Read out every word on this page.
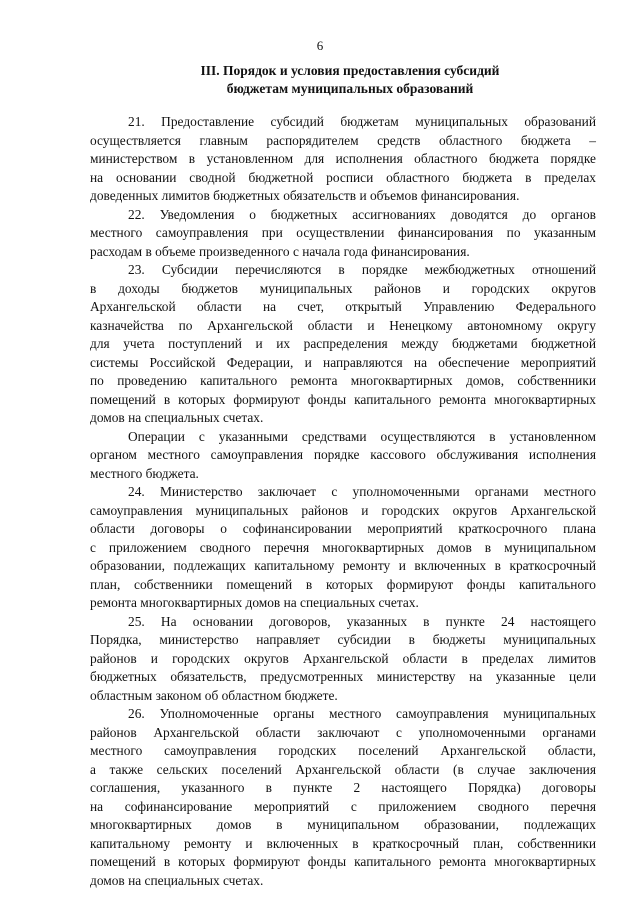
6
III. Порядок и условия предоставления субсидий
бюджетам муниципальных образований
21. Предоставление субсидий бюджетам муниципальных образований
осуществляется главным распорядителем средств областного бюджета –
министерством в установленном для исполнения областного бюджета порядке
на основании сводной бюджетной росписи областного бюджета в пределах
доведенных лимитов бюджетных обязательств и объемов финансирования.
22. Уведомления о бюджетных ассигнованиях доводятся до органов
местного самоуправления при осуществлении финансирования по указанным
расходам в объеме произведенного с начала года финансирования.
23. Субсидии перечисляются в порядке межбюджетных отношений
в доходы бюджетов муниципальных районов и городских округов
Архангельской области на счет, открытый Управлению Федерального
казначейства по Архангельской области и Ненецкому автономному округу
для учета поступлений и их распределения между бюджетами бюджетной
системы Российской Федерации, и направляются на обеспечение мероприятий
по проведению капитального ремонта многоквартирных домов, собственники
помещений в которых формируют фонды капитального ремонта многоквартирных
домов на специальных счетах.
Операции с указанными средствами осуществляются в установленном
органом местного самоуправления порядке кассового обслуживания исполнения
местного бюджета.
24. Министерство заключает с уполномоченными органами местного
самоуправления муниципальных районов и городских округов Архангельской
области договоры о софинансировании мероприятий краткосрочного плана
с приложением сводного перечня многоквартирных домов в муниципальном
образовании, подлежащих капитальному ремонту и включенных в краткосрочный
план, собственники помещений в которых формируют фонды капитального
ремонта многоквартирных домов на специальных счетах.
25. На основании договоров, указанных в пункте 24 настоящего
Порядка, министерство направляет субсидии в бюджеты муниципальных
районов и городских округов Архангельской области в пределах лимитов
бюджетных обязательств, предусмотренных министерству на указанные цели
областным законом об областном бюджете.
26. Уполномоченные органы местного самоуправления муниципальных
районов Архангельской области заключают с уполномоченными органами
местного самоуправления городских поселений Архангельской области,
а также сельских поселений Архангельской области (в случае заключения
соглашения, указанного в пункте 2 настоящего Порядка) договоры
на софинансирование мероприятий с приложением сводного перечня
многоквартирных домов в муниципальном образовании, подлежащих
капитальному ремонту и включенных в краткосрочный план, собственники
помещений в которых формируют фонды капитального ремонта многоквартирных
домов на специальных счетах.
